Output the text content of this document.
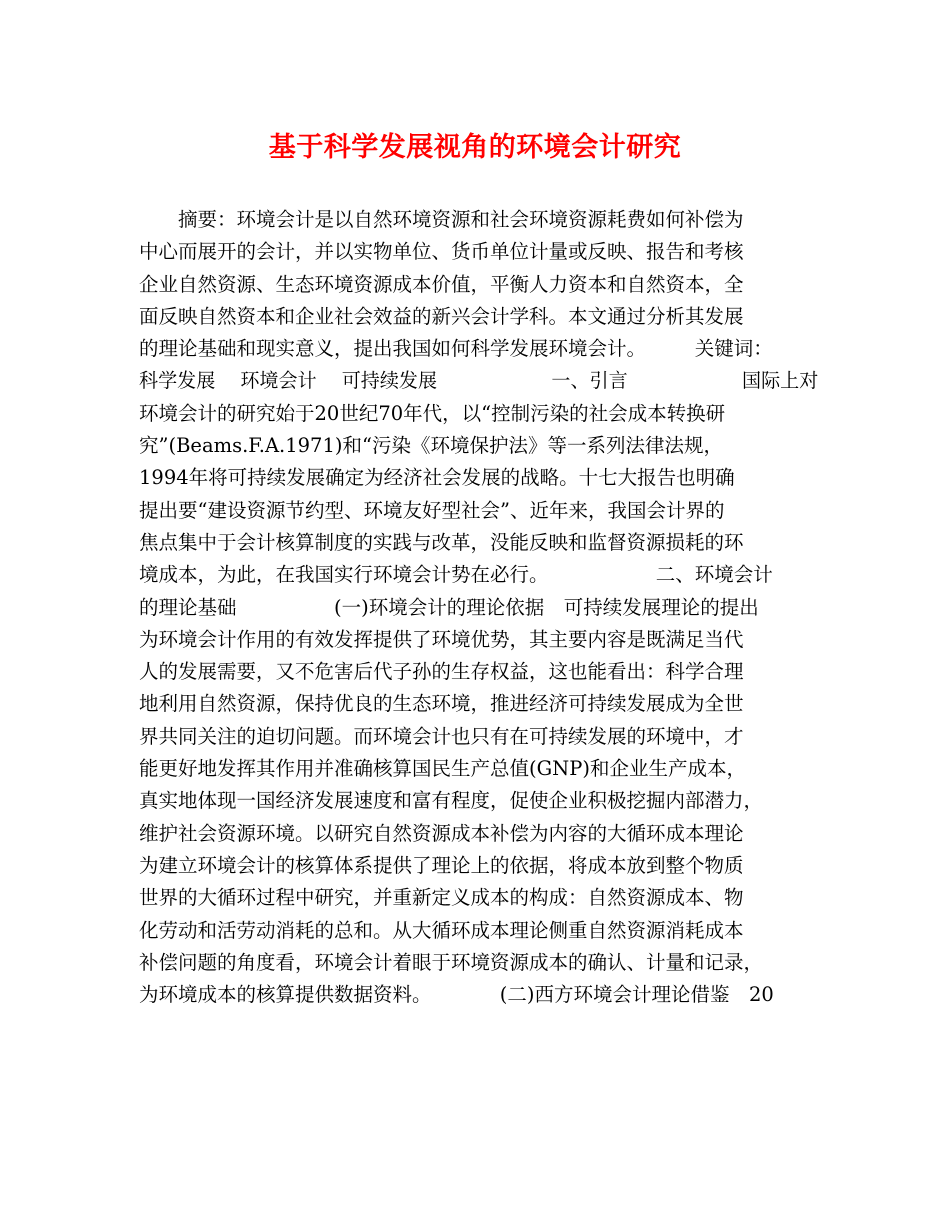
基于科学发展视角的环境会计研究
　　摘要：环境会计是以自然环境资源和社会环境资源耗费如何补偿为
中心而展开的会计，并以实物单位、货币单位计量或反映、报告和考核
企业自然资源、生态环境资源成本价值，平衡人力资本和自然资本，全
面反映自然资本和企业社会效益的新兴会计学科。本文通过分析其发展
的理论基础和现实意义，提出我国如何科学发展环境会计。　　　关键词：
科学发展　 环境会计　 可持续发展　　　　　　一、引言　　　　　　国际上对
环境会计的研究始于20世纪70年代，以“控制污染的社会成本转换研
究”(Beams.F.A.1971)和“污染《环境保护法》等一系列法律法规，
1994年将可持续发展确定为经济社会发展的战略。十七大报告也明确
提出要“建设资源节约型、环境友好型社会”、近年来，我国会计界的
焦点集中于会计核算制度的实践与改革，没能反映和监督资源损耗的环
境成本，为此，在我国实行环境会计势在必行。　　　　　　二、环境会计
的理论基础　　　　　(一)环境会计的理论依据　可持续发展理论的提出
为环境会计作用的有效发挥提供了环境优势，其主要内容是既满足当代
人的发展需要，又不危害后代子孙的生存权益，这也能看出：科学合理
地利用自然资源，保持优良的生态环境，推进经济可持续发展成为全世
界共同关注的迫切问题。而环境会计也只有在可持续发展的环境中，才
能更好地发挥其作用并准确核算国民生产总值(GNP)和企业生产成本，
真实地体现一国经济发展速度和富有程度，促使企业积极挖掘内部潜力，
维护社会资源环境。以研究自然资源成本补偿为内容的大循环成本理论
为建立环境会计的核算体系提供了理论上的依据，将成本放到整个物质
世界的大循环过程中研究，并重新定义成本的构成：自然资源成本、物
化劳动和活劳动消耗的总和。从大循环成本理论侧重自然资源消耗成本
补偿问题的角度看，环境会计着眼于环境资源成本的确认、计量和记录，
为环境成本的核算提供数据资料。　　　　(二)西方环境会计理论借鉴　20
